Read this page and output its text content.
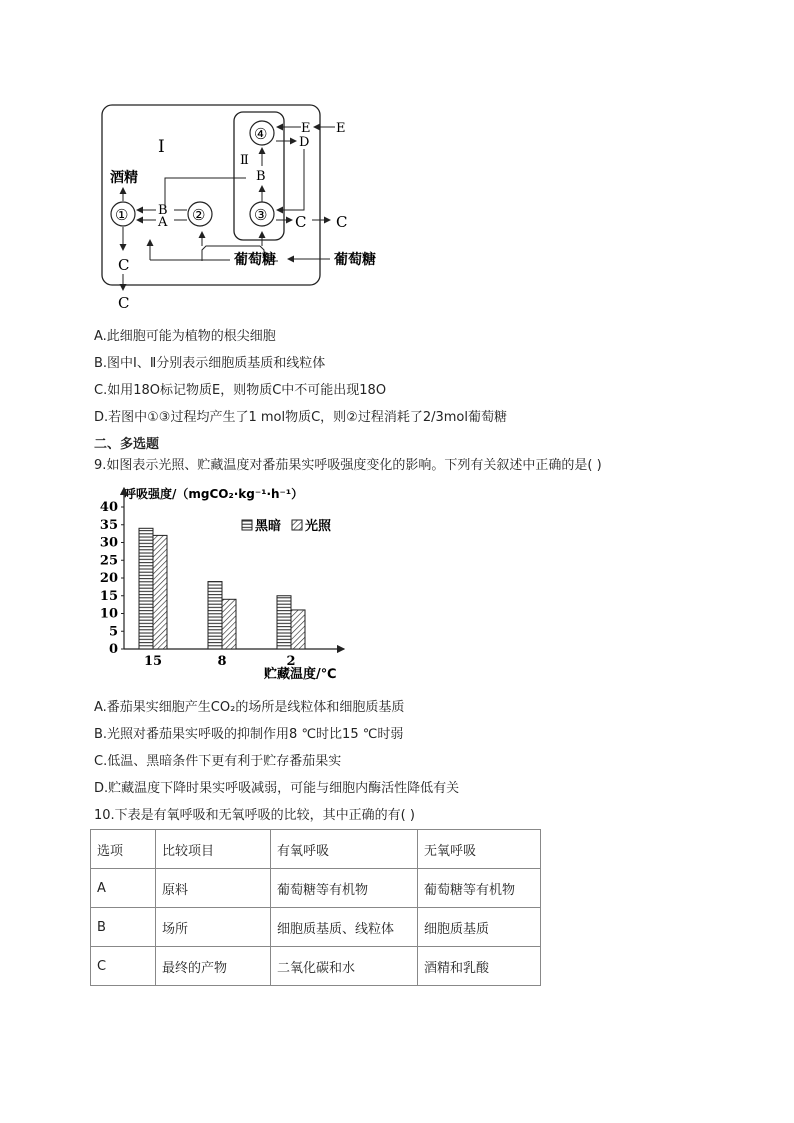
Ⅰ
Ⅱ
①	②	③
④
酒精
B
A
B
E E
D
C C
C
C
葡萄糖	葡萄糖
A.此细胞可能为植物的根尖细胞
B.图中Ⅰ、Ⅱ分别表示细胞质基质和线粒体
C.如用18O标记物质E，则物质C中不可能出现18O
D.若图中①③过程均产生了1 mol物质C，则②过程消耗了2/3mol葡萄糖
二、多选题
9.如图表示光照、贮藏温度对番茄果实呼吸强度变化的影响。下列有关叙述中正确的是( )
呼吸强度/（mgCO₂·kg⁻¹·h⁻¹）
贮藏温度/℃
0
5
10
15
20
25
30
35
40
15	8	2
黑暗 光照
A.番茄果实细胞产生CO₂的场所是线粒体和细胞质基质
B.光照对番茄果实呼吸的抑制作用8 ℃时比15 ℃时弱
C.低温、黑暗条件下更有利于贮存番茄果实
D.贮藏温度下降时果实呼吸减弱，可能与细胞内酶活性降低有关
10.下表是有氧呼吸和无氧呼吸的比较，其中正确的有( )
选项	比较项目	有氧呼吸	无氧呼吸
A	原料	葡萄糖等有机物	葡萄糖等有机物
B	场所	细胞质基质、线粒体	细胞质基质
C	最终的产物	二氧化碳和水	酒精和乳酸
